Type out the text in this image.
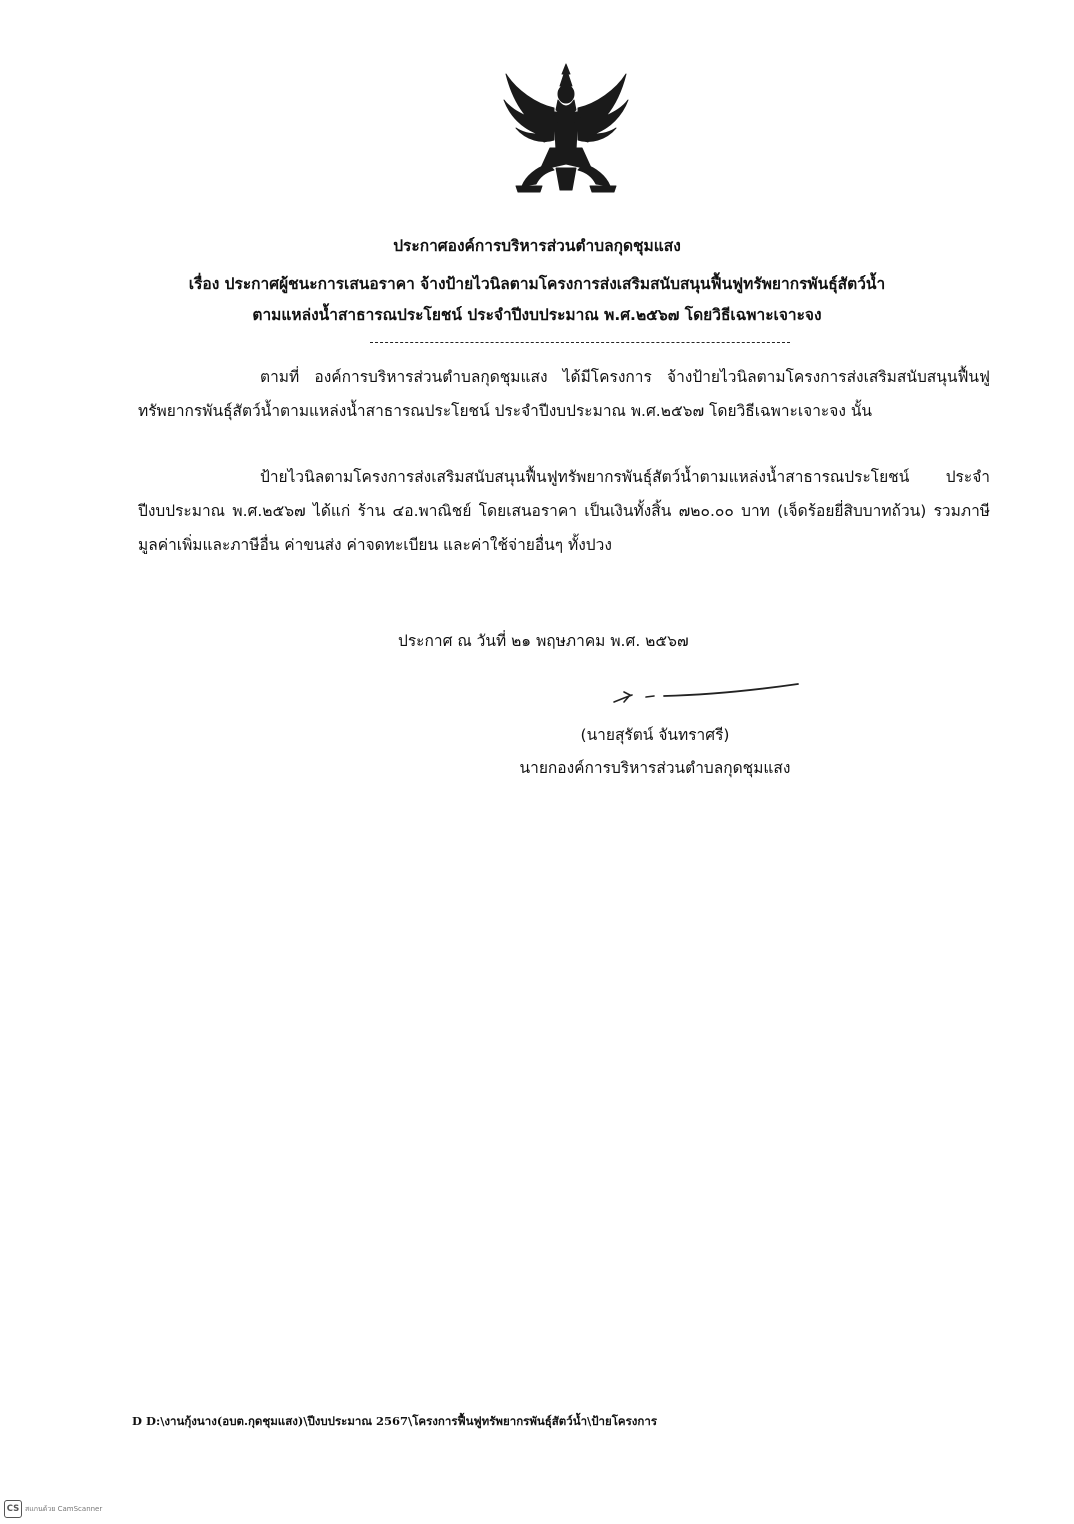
ประกาศองค์การบริหารส่วนตำบลกุดชุมแสง
เรื่อง ประกาศผู้ชนะการเสนอราคา จ้างป้ายไวนิลตามโครงการส่งเสริมสนับสนุนฟื้นฟูทรัพยากรพันธุ์สัตว์น้ำ
ตามแหล่งน้ำสาธารณประโยชน์ ประจำปีงบประมาณ พ.ศ.๒๕๖๗ โดยวิธีเฉพาะเจาะจง
ตามที่ องค์การบริหารส่วนตำบลกุดชุมแสง ได้มีโครงการ จ้างป้ายไวนิลตามโครงการส่งเสริมสนับสนุนฟื้นฟูทรัพยากรพันธุ์สัตว์น้ำตามแหล่งน้ำสาธารณประโยชน์ ประจำปีงบประมาณ พ.ศ.๒๕๖๗ โดยวิธีเฉพาะเจาะจง นั้น
ป้ายไวนิลตามโครงการส่งเสริมสนับสนุนฟื้นฟูทรัพยากรพันธุ์สัตว์น้ำตามแหล่งน้ำสาธารณประโยชน์ ประจำปีงบประมาณ พ.ศ.๒๕๖๗ ได้แก่ ร้าน ๔อ.พาณิชย์ โดยเสนอราคา เป็นเงินทั้งสิ้น ๗๒๐.๐๐ บาท (เจ็ดร้อยยี่สิบบาทถ้วน) รวมภาษีมูลค่าเพิ่มและภาษีอื่น ค่าขนส่ง ค่าจดทะเบียน และค่าใช้จ่ายอื่นๆ ทั้งปวง
ประกาศ ณ วันที่ ๒๑ พฤษภาคม พ.ศ. ๒๕๖๗
(นายสุรัตน์ จันทราศรี)
นายกองค์การบริหารส่วนตำบลกุดชุมแสง
D D:\งานกุ้งนาง(อบต.กุดชุมแสง)\ปีงบประมาณ 2567\โครงการฟื้นฟูทรัพยากรพันธุ์สัตว์น้ำ\ป้ายโครงการ
CS สแกนด้วย CamScanner
